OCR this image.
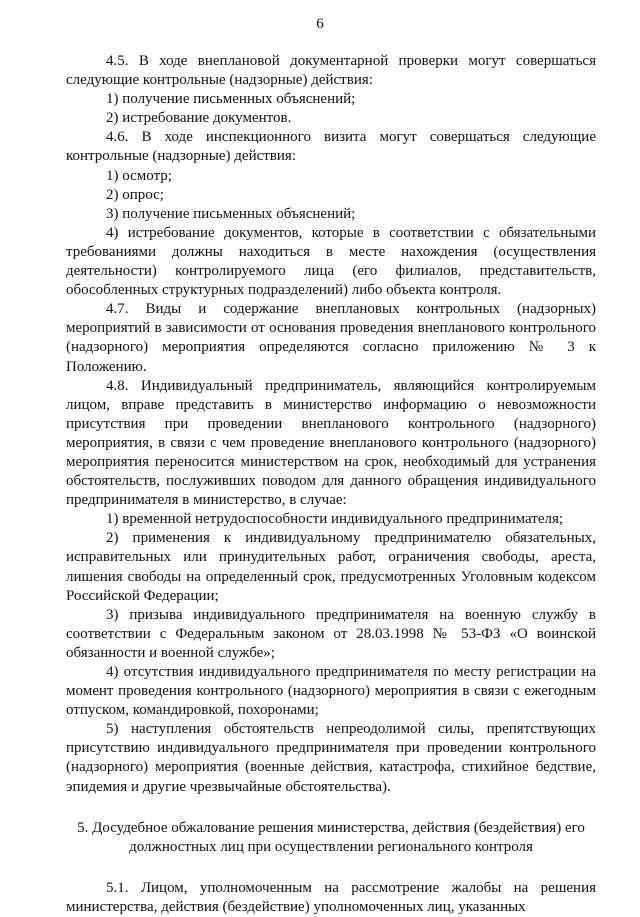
6

4.5. В ходе внеплановой документарной проверки могут совершаться следующие контрольные (надзорные) действия:

1) получение письменных объяснений;

2) истребование документов.

4.6. В ходе инспекционного визита могут совершаться следующие контрольные (надзорные) действия:

1) осмотр;

2) опрос;

3) получение письменных объяснений;

4) истребование документов, которые в соответствии с обязательными требованиями должны находиться в месте нахождения (осуществления деятельности) контролируемого лица (его филиалов, представительств, обособленных структурных подразделений) либо объекта контроля.

4.7. Виды и содержание внеплановых контрольных (надзорных) мероприятий в зависимости от основания проведения внепланового контрольного (надзорного) мероприятия определяются согласно приложению № 3 к Положению.

4.8. Индивидуальный предприниматель, являющийся контролируемым лицом, вправе представить в министерство информацию о невозможности присутствия при проведении внепланового контрольного (надзорного) мероприятия, в связи с чем проведение внепланового контрольного (надзорного) мероприятия переносится министерством на срок, необходимый для устранения обстоятельств, послуживших поводом для данного обращения индивидуального предпринимателя в министерство, в случае:

1) временной нетрудоспособности индивидуального предпринимателя;

2) применения к индивидуальному предпринимателю обязательных, исправительных или принудительных работ, ограничения свободы, ареста, лишения свободы на определенный срок, предусмотренных Уголовным кодексом Российской Федерации;

3) призыва индивидуального предпринимателя на военную службу в соответствии с Федеральным законом от 28.03.1998 № 53-ФЗ «О воинской обязанности и военной службе»;

4) отсутствия индивидуального предпринимателя по месту регистрации на момент проведения контрольного (надзорного) мероприятия в связи с ежегодным отпуском, командировкой, похоронами;

5) наступления обстоятельств непреодолимой силы, препятствующих присутствию индивидуального предпринимателя при проведении контрольного (надзорного) мероприятия (военные действия, катастрофа, стихийное бедствие, эпидемия и другие чрезвычайные обстоятельства).

5. Досудебное обжалование решения министерства, действия (бездействия) его должностных лиц при осуществлении регионального контроля

5.1. Лицом, уполномоченным на рассмотрение жалобы на решения министерства, действия (бездействие) уполномоченных лиц, указанных
